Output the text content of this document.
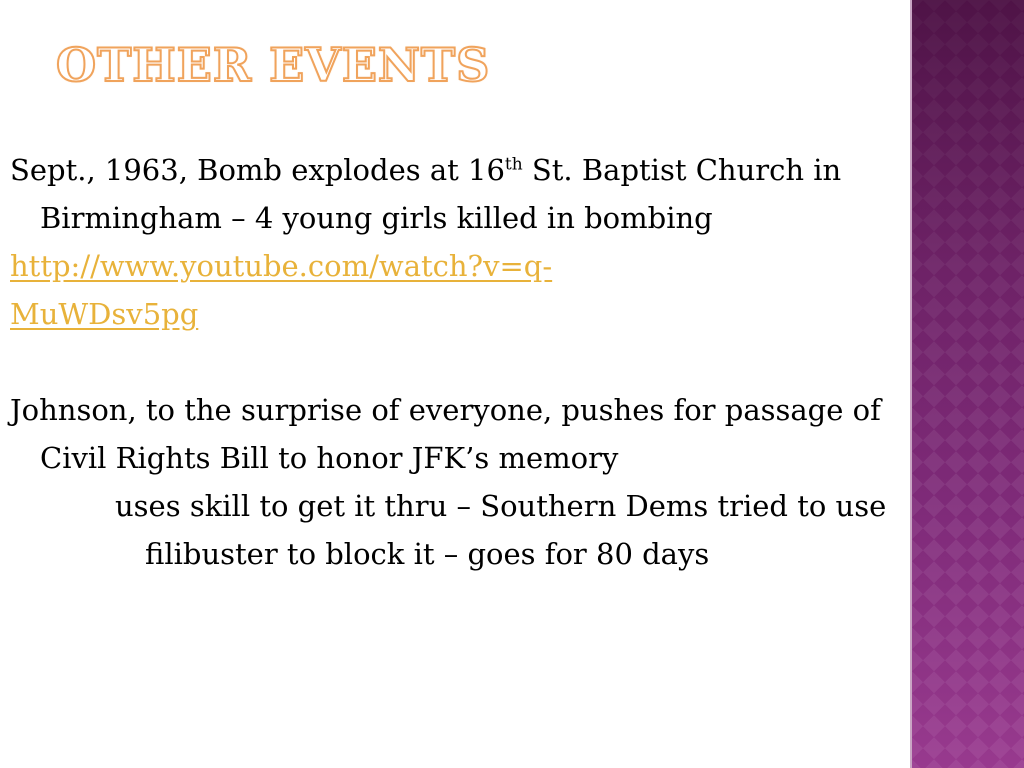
OTHER EVENTS

Sept., 1963, Bomb explodes at 16th St. Baptist Church in Birmingham – 4 young girls killed in bombing

http://www.youtube.com/watch?v=q-
MuWDsv5pg

Johnson, to the surprise of everyone, pushes for passage of Civil Rights Bill to honor JFK’s memory

uses skill to get it thru – Southern Dems tried to use filibuster to block it – goes for 80 days
